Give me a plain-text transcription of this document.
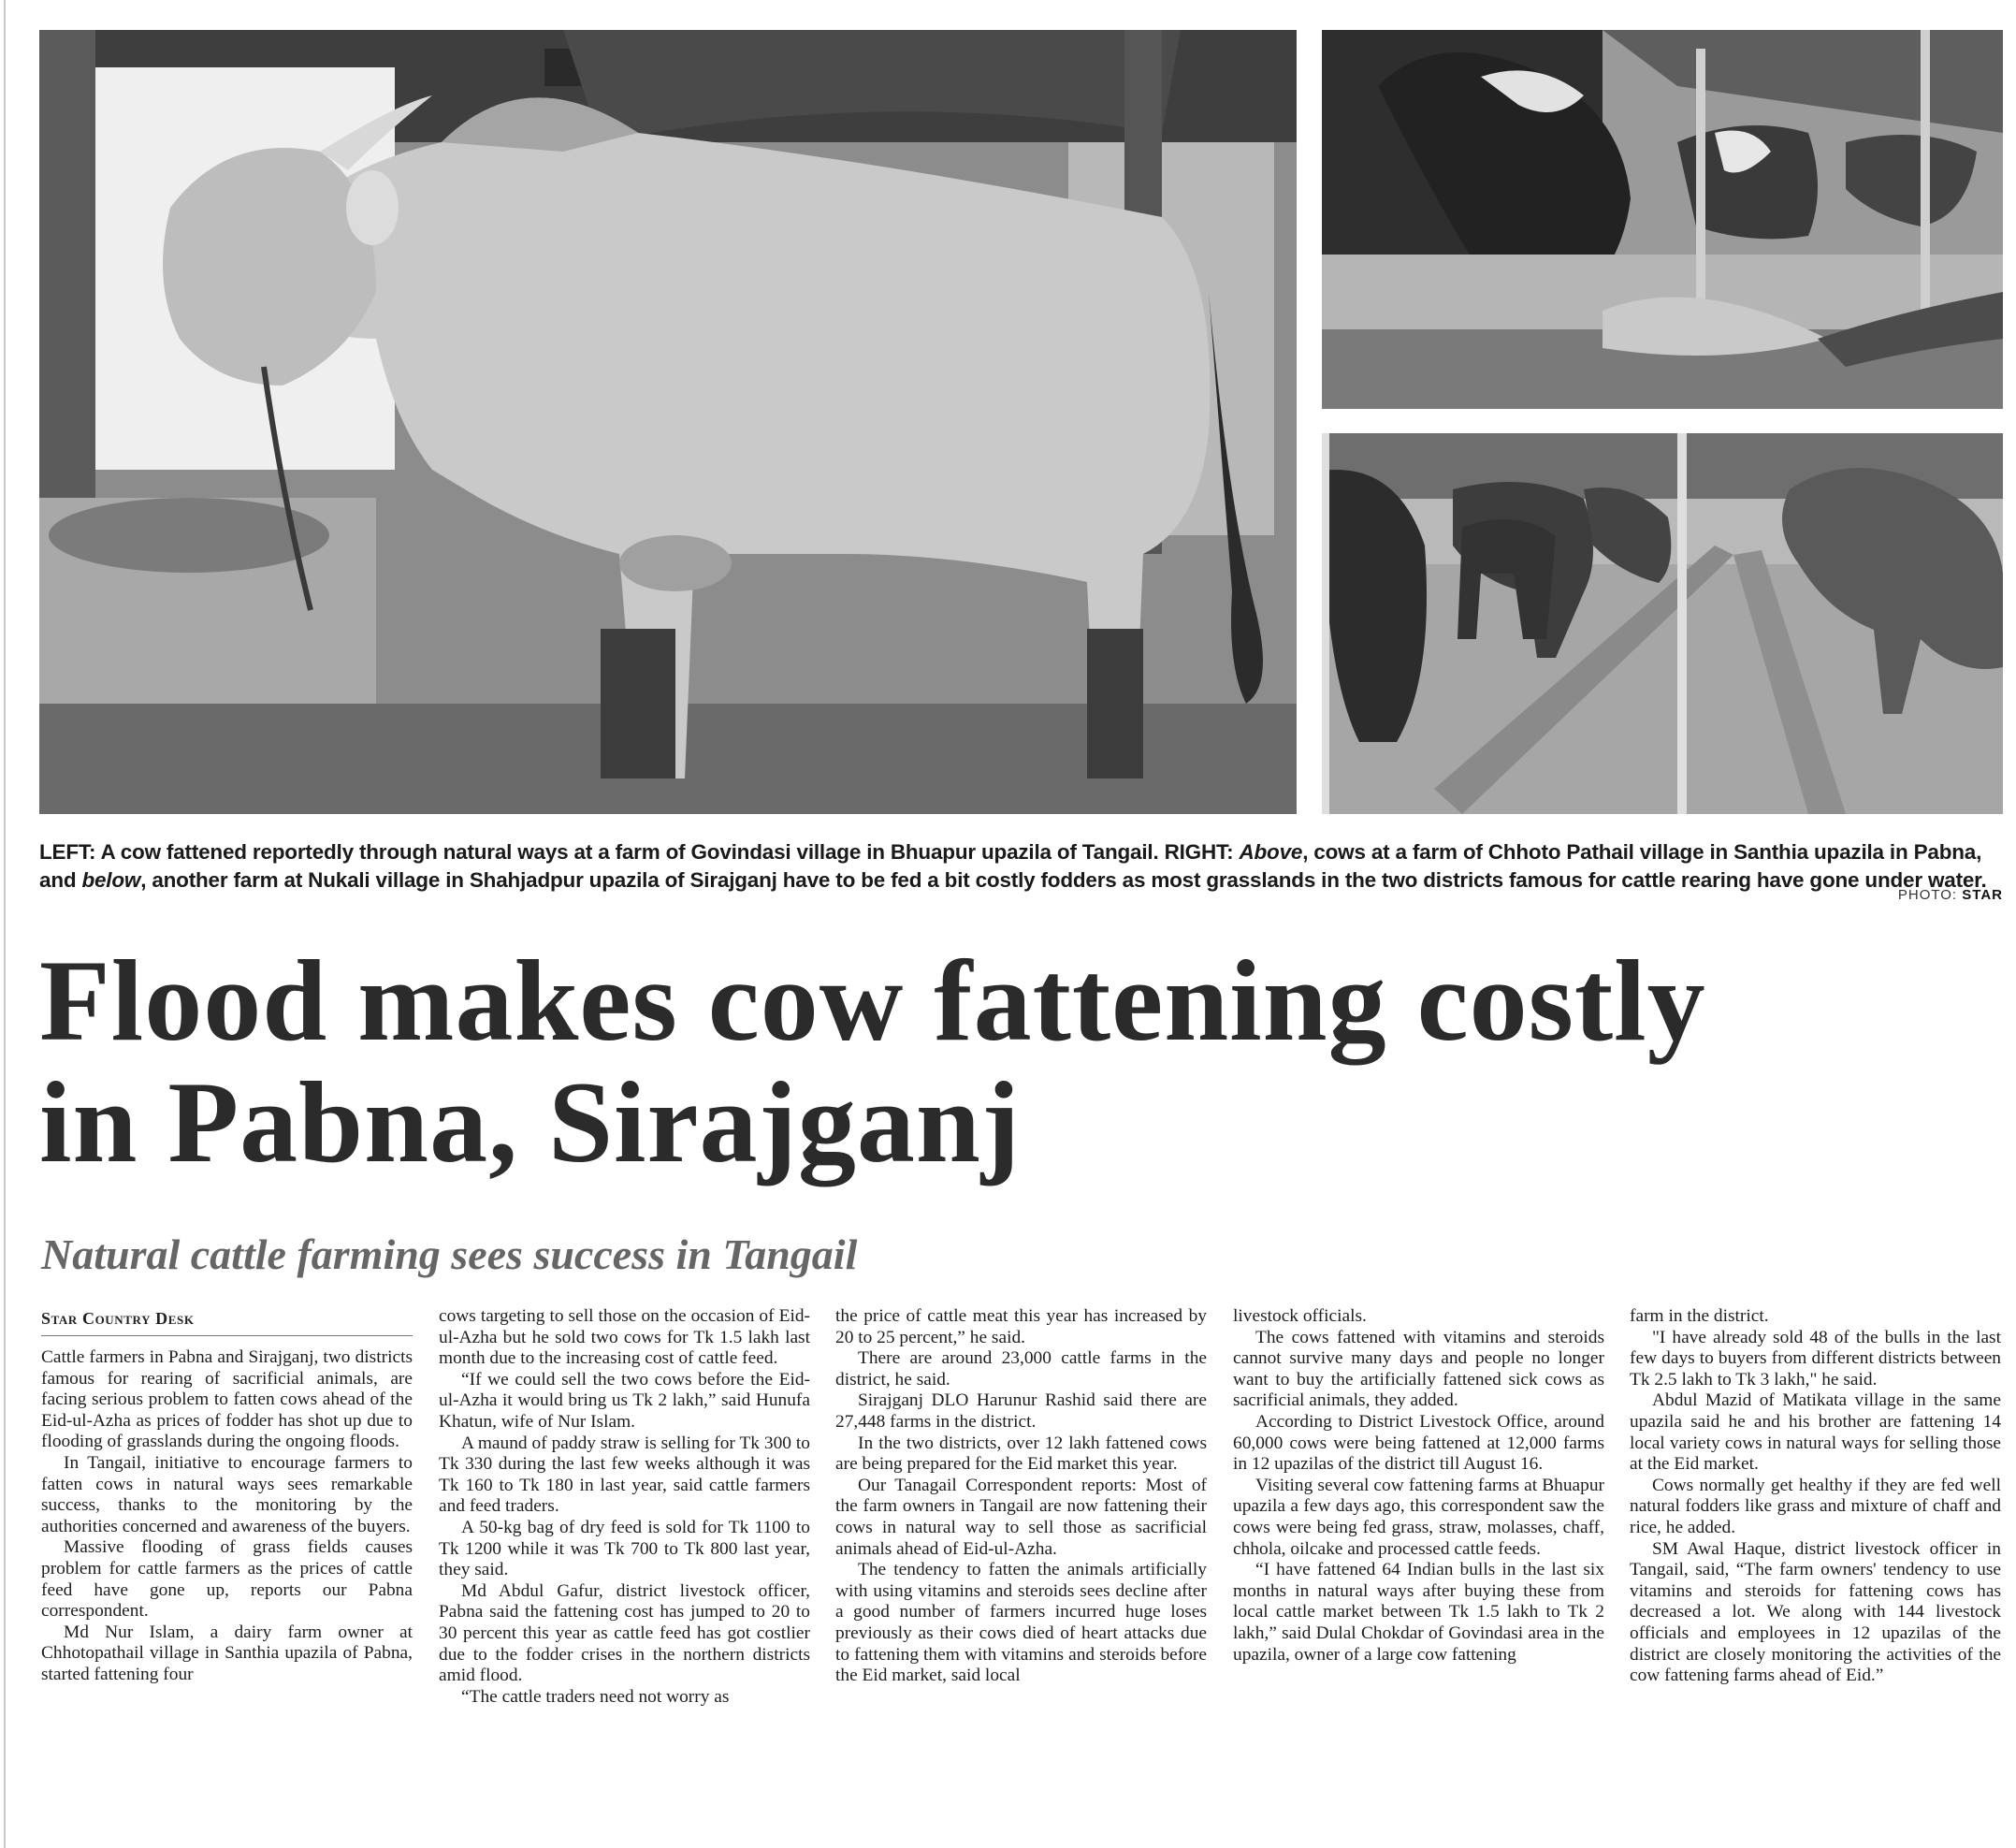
LEFT: A cow fattened reportedly through natural ways at a farm of Govindasi village in Bhuapur upazila of Tangail. RIGHT: Above, cows at a farm of Chhoto Pathail village in Santhia upazila in Pabna, and below, another farm at Nukali village in Shahjadpur upazila of Sirajganj have to be fed a bit costly fodders as most grasslands in the two districts famous for cattle rearing have gone under water.
PHOTO: STAR
Flood makes cow fattening costly
in Pabna, Sirajganj
Natural cattle farming sees success in Tangail
Star Country Desk

Cattle farmers in Pabna and Sirajganj, two districts famous for rearing of sacrificial animals, are facing serious problem to fatten cows ahead of the Eid-ul-Azha as prices of fodder has shot up due to flooding of grasslands during the ongoing floods.

In Tangail, initiative to encourage farmers to fatten cows in natural ways sees remarkable success, thanks to the monitoring by the authorities concerned and awareness of the buyers.

Massive flooding of grass fields causes problem for cattle farmers as the prices of cattle feed have gone up, reports our Pabna correspondent.

Md Nur Islam, a dairy farm owner at Chhotopathail village in Santhia upazila of Pabna, started fattening four

cows targeting to sell those on the occasion of Eid-ul-Azha but he sold two cows for Tk 1.5 lakh last month due to the increasing cost of cattle feed.

“If we could sell the two cows before the Eid-ul-Azha it would bring us Tk 2 lakh,” said Hunufa Khatun, wife of Nur Islam.

A maund of paddy straw is selling for Tk 300 to Tk 330 during the last few weeks although it was Tk 160 to Tk 180 in last year, said cattle farmers and feed traders.

A 50-kg bag of dry feed is sold for Tk 1100 to Tk 1200 while it was Tk 700 to Tk 800 last year, they said.

Md Abdul Gafur, district livestock officer, Pabna said the fattening cost has jumped to 20 to 30 percent this year as cattle feed has got costlier due to the fodder crises in the northern districts amid flood.

“The cattle traders need not worry as

the price of cattle meat this year has increased by 20 to 25 percent,” he said.

There are around 23,000 cattle farms in the district, he said.

Sirajganj DLO Harunur Rashid said there are 27,448 farms in the district.

In the two districts, over 12 lakh fattened cows are being prepared for the Eid market this year.

Our Tanagail Correspondent reports: Most of the farm owners in Tangail are now fattening their cows in natural way to sell those as sacrificial animals ahead of Eid-ul-Azha.

The tendency to fatten the animals artificially with using vitamins and steroids sees decline after a good number of farmers incurred huge loses previously as their cows died of heart attacks due to fattening them with vitamins and steroids before the Eid market, said local

livestock officials.

The cows fattened with vitamins and steroids cannot survive many days and people no longer want to buy the artificially fattened sick cows as sacrificial animals, they added.

According to District Livestock Office, around 60,000 cows were being fattened at 12,000 farms in 12 upazilas of the district till August 16.

Visiting several cow fattening farms at Bhuapur upazila a few days ago, this correspondent saw the cows were being fed grass, straw, molasses, chaff, chhola, oilcake and processed cattle feeds.

“I have fattened 64 Indian bulls in the last six months in natural ways after buying these from local cattle market between Tk 1.5 lakh to Tk 2 lakh,” said Dulal Chokdar of Govindasi area in the upazila, owner of a large cow fattening

farm in the district.

"I have already sold 48 of the bulls in the last few days to buyers from different districts between Tk 2.5 lakh to Tk 3 lakh," he said.

Abdul Mazid of Matikata village in the same upazila said he and his brother are fattening 14 local variety cows in natural ways for selling those at the Eid market.

Cows normally get healthy if they are fed well natural fodders like grass and mixture of chaff and rice, he added.

SM Awal Haque, district livestock officer in Tangail, said, “The farm owners' tendency to use vitamins and steroids for fattening cows has decreased a lot. We along with 144 livestock officials and employees in 12 upazilas of the district are closely monitoring the activities of the cow fattening farms ahead of Eid.”
